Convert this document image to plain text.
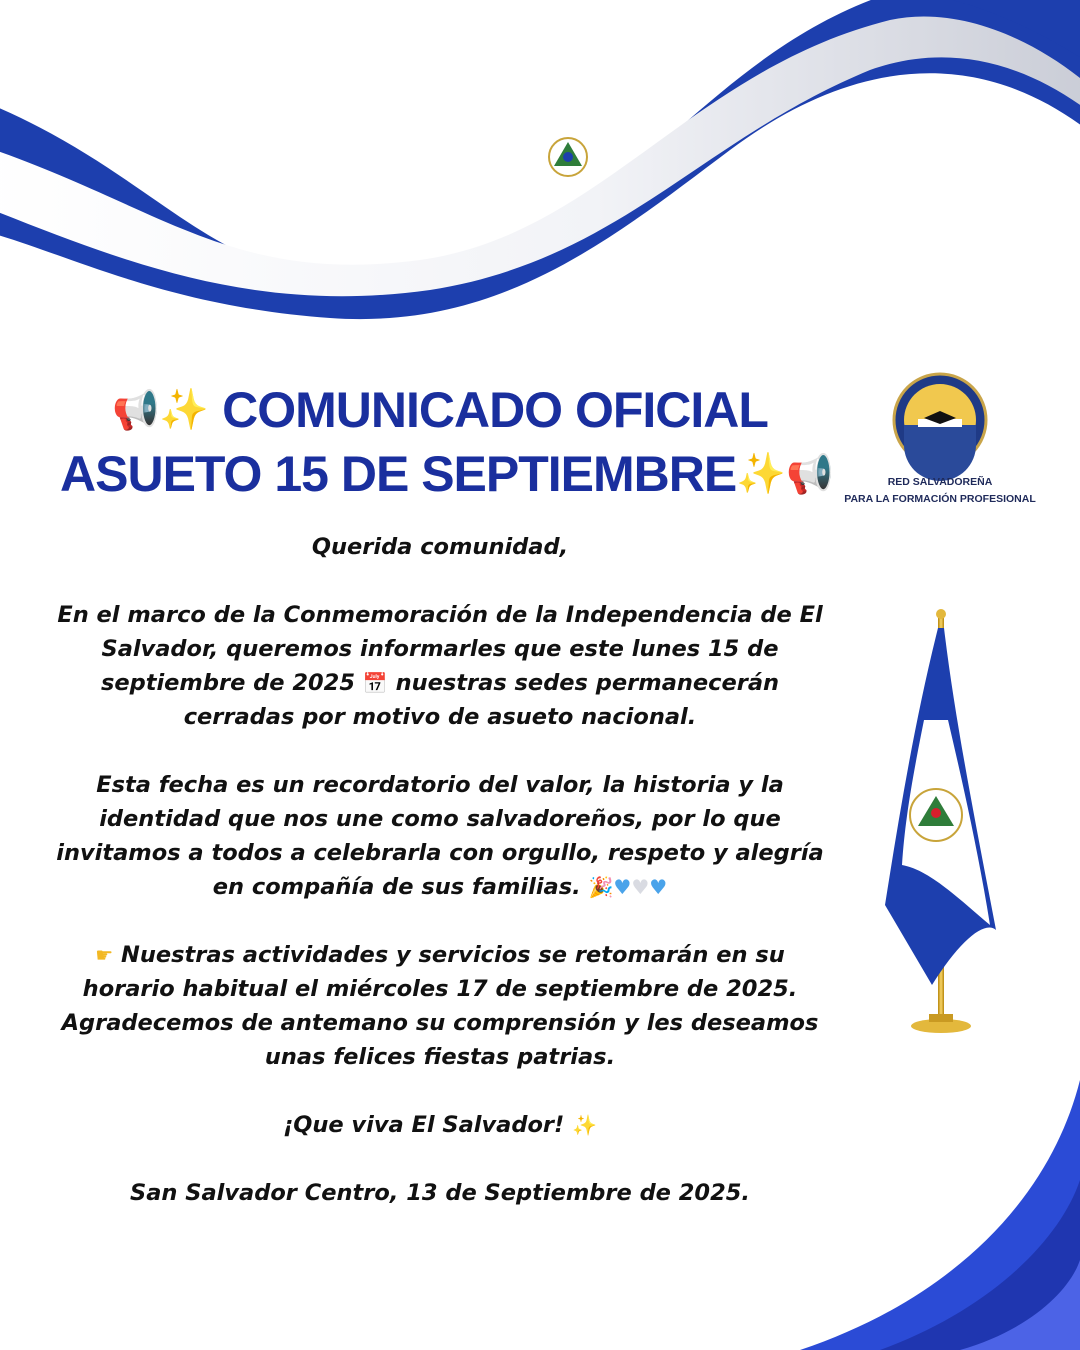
📢✨ COMUNICADO OFICIAL
ASUETO 15 DE SEPTIEMBRE✨📢	RED SALVADOREÑA
PARA LA FORMACIÓN PROFESIONAL

Querida comunidad,

En el marco de la Conmemoración de la Independencia de El Salvador, queremos informarles que este lunes 15 de septiembre de 2025 📅 nuestras sedes permanecerán cerradas por motivo de asueto nacional.

Esta fecha es un recordatorio del valor, la historia y la identidad que nos une como salvadoreños, por lo que invitamos a todos a celebrarla con orgullo, respeto y alegría en compañía de sus familias. 🎉♥♥♥

☛ Nuestras actividades y servicios se retomarán en su horario habitual el miércoles 17 de septiembre de 2025. Agradecemos de antemano su comprensión y les deseamos unas felices fiestas patrias.

¡Que viva El Salvador! ✨

San Salvador Centro, 13 de Septiembre de 2025.
